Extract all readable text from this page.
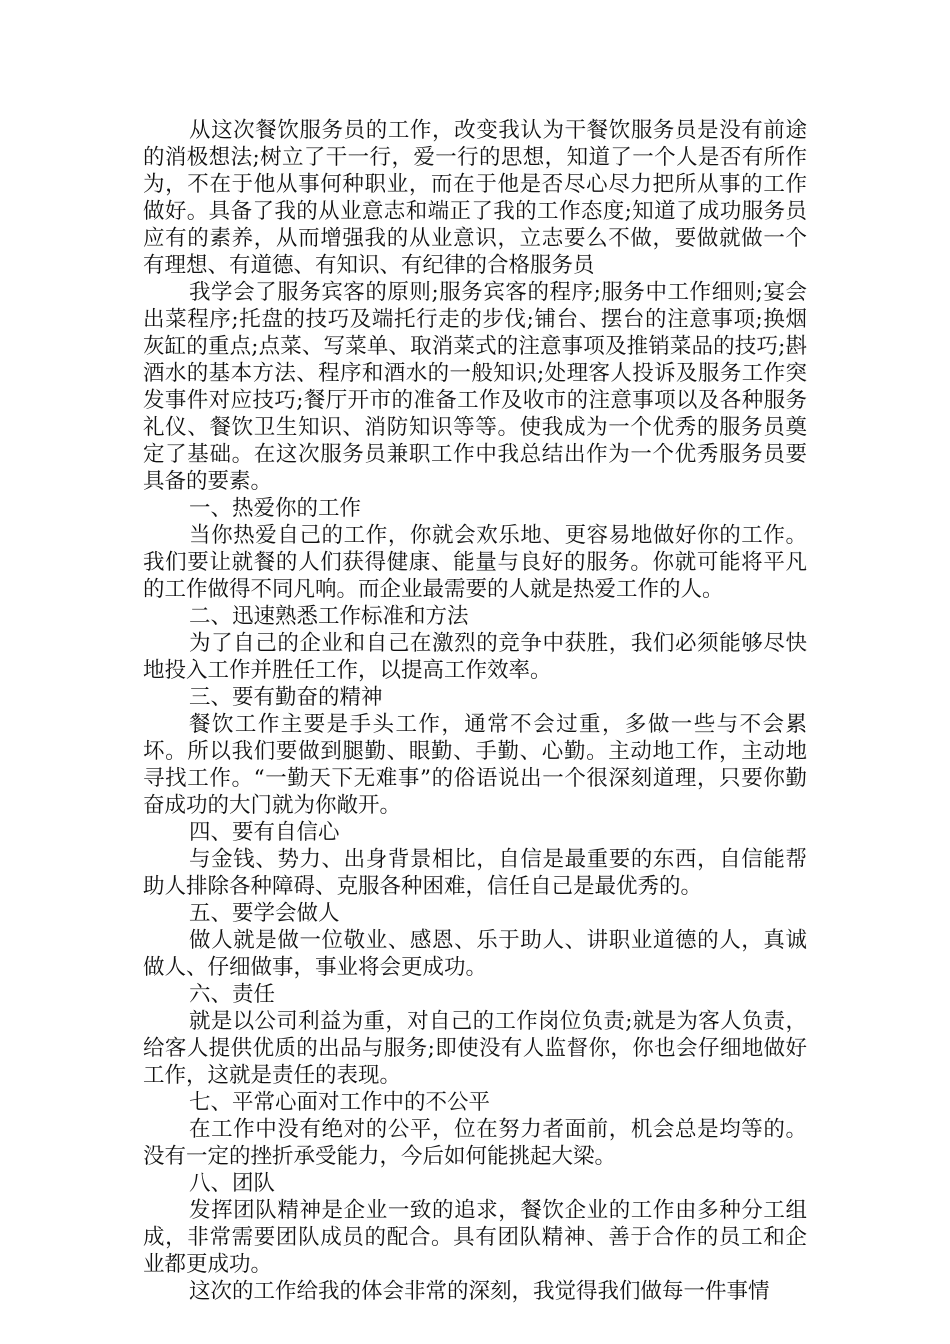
从这次餐饮服务员的工作，改变我认为干餐饮服务员是没有前途的消极想法;树立了干一行，爱一行的思想，知道了一个人是否有所作为，不在于他从事何种职业，而在于他是否尽心尽力把所从事的工作做好。具备了我的从业意志和端正了我的工作态度;知道了成功服务员应有的素养，从而增强我的从业意识，立志要么不做，要做就做一个有理想、有道德、有知识、有纪律的合格服务员

我学会了服务宾客的原则;服务宾客的程序;服务中工作细则;宴会出菜程序;托盘的技巧及端托行走的步伐;铺台、摆台的注意事项;换烟灰缸的重点;点菜、写菜单、取消菜式的注意事项及推销菜品的技巧;斟酒水的基本方法、程序和酒水的一般知识;处理客人投诉及服务工作突发事件对应技巧;餐厅开市的准备工作及收市的注意事项以及各种服务礼仪、餐饮卫生知识、消防知识等等。使我成为一个优秀的服务员奠定了基础。在这次服务员兼职工作中我总结出作为一个优秀服务员要具备的要素。

一、热爱你的工作

当你热爱自己的工作，你就会欢乐地、更容易地做好你的工作。我们要让就餐的人们获得健康、能量与良好的服务。你就可能将平凡的工作做得不同凡响。而企业最需要的人就是热爱工作的人。

二、迅速熟悉工作标准和方法

为了自己的企业和自己在激烈的竞争中获胜，我们必须能够尽快地投入工作并胜任工作，以提高工作效率。

三、要有勤奋的精神

餐饮工作主要是手头工作，通常不会过重，多做一些与不会累坏。所以我们要做到腿勤、眼勤、手勤、心勤。主动地工作，主动地寻找工作。“一勤天下无难事”的俗语说出一个很深刻道理，只要你勤奋成功的大门就为你敞开。

四、要有自信心

与金钱、势力、出身背景相比，自信是最重要的东西，自信能帮助人排除各种障碍、克服各种困难，信任自己是最优秀的。

五、要学会做人

做人就是做一位敬业、感恩、乐于助人、讲职业道德的人，真诚做人、仔细做事，事业将会更成功。

六、责任

就是以公司利益为重，对自己的工作岗位负责;就是为客人负责，给客人提供优质的出品与服务;即使没有人监督你，你也会仔细地做好工作，这就是责任的表现。

七、平常心面对工作中的不公平

在工作中没有绝对的公平，位在努力者面前，机会总是均等的。没有一定的挫折承受能力，今后如何能挑起大梁。

八、团队

发挥团队精神是企业一致的追求，餐饮企业的工作由多种分工组成，非常需要团队成员的配合。具有团队精神、善于合作的员工和企业都更成功。

这次的工作给我的体会非常的深刻，我觉得我们做每一件事情
